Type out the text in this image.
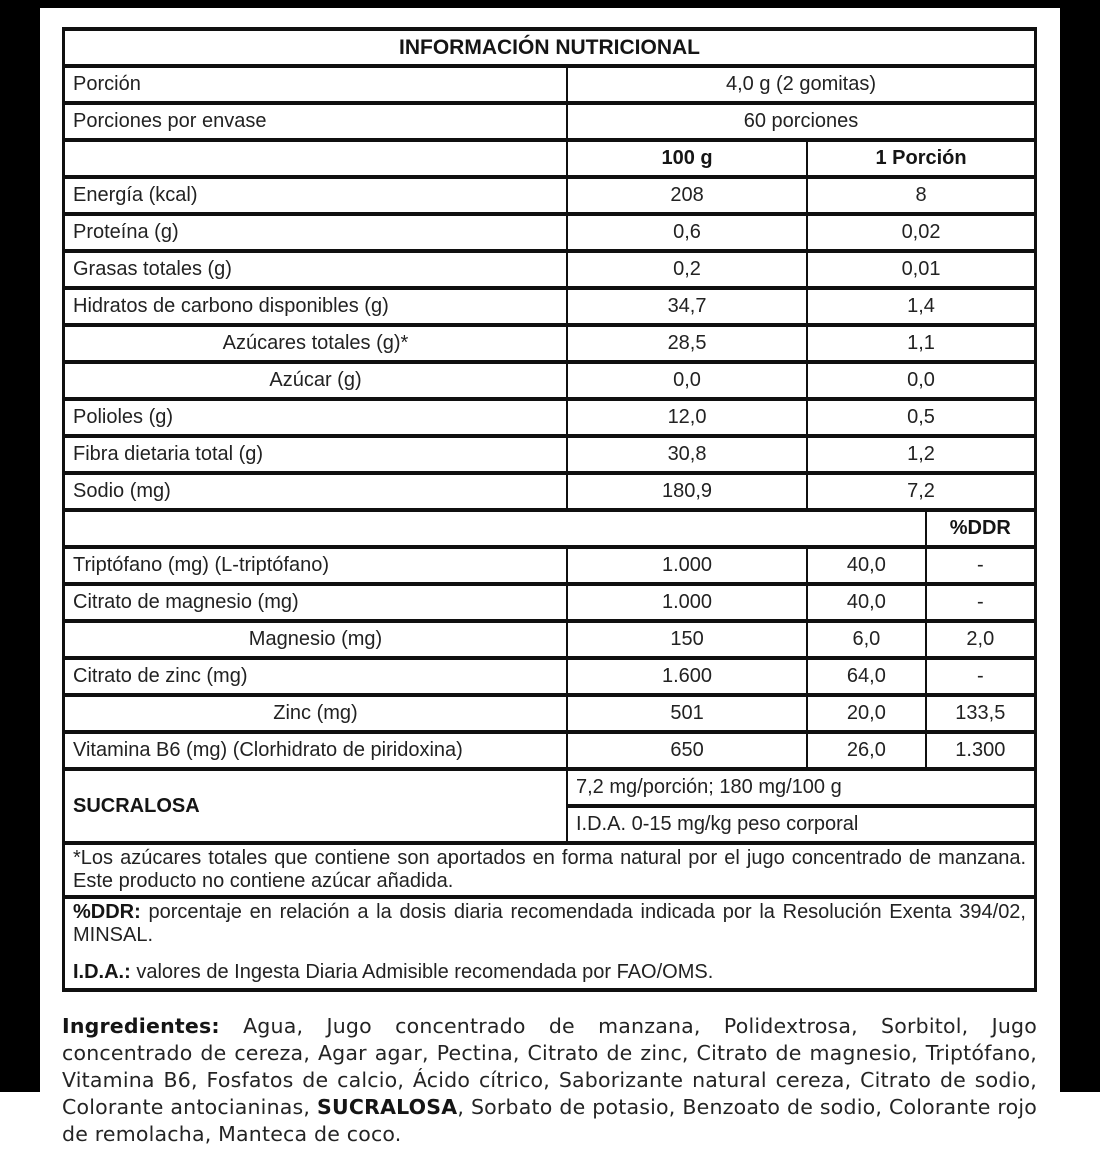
INFORMACIÓN NUTRICIONAL			
Porción	4,0 g (2 gomitas)		
Porciones por envase	60 porciones		
	100 g	1 Porción	
Energía (kcal)	208	8	
Proteína (g)	0,6	0,02	
Grasas totales (g)	0,2	0,01	
Hidratos de carbono disponibles (g)	34,7	1,4	
Azúcares totales (g)*	28,5	1,1	
Azúcar (g)	0,0	0,0	
Polioles (g)	12,0	0,5	
Fibra dietaria total (g)	30,8	1,2	
Sodio (mg)	180,9	7,2	
			%DDR
Triptófano (mg) (L-triptófano)	1.000	40,0	-
Citrato de magnesio (mg)	1.000	40,0	-
Magnesio (mg)	150	6,0	2,0
Citrato de zinc (mg)	1.600	64,0	-
Zinc (mg)	501	20,0	133,5
Vitamina B6 (mg) (Clorhidrato de piridoxina)	650	26,0	1.300
SUCRALOSA	7,2 mg/porción; 180 mg/100 g		
	I.D.A. 0-15 mg/kg peso corporal		
*Los azúcares totales que contiene son aportados en forma natural por el jugo concentrado de manzana. Este producto no contiene azúcar añadida.			

%DDR: porcentaje en relación a la dosis diaria recomendada indicada por la Resolución Exenta 394/02, MINSAL.
I.D.A.: valores de Ingesta Diaria Admisible recomendada por FAO/OMS.			

Ingredientes: Agua, Jugo concentrado de manzana, Polidextrosa, Sorbitol, Jugo concentrado de cereza, Agar agar, Pectina, Citrato de zinc, Citrato de magnesio, Triptófano, Vitamina B6, Fosfatos de calcio, Ácido cítrico, Saborizante natural cereza, Citrato de sodio, Colorante antocianinas, SUCRALOSA, Sorbato de potasio, Benzoato de sodio, Colorante rojo de remolacha, Manteca de coco.
